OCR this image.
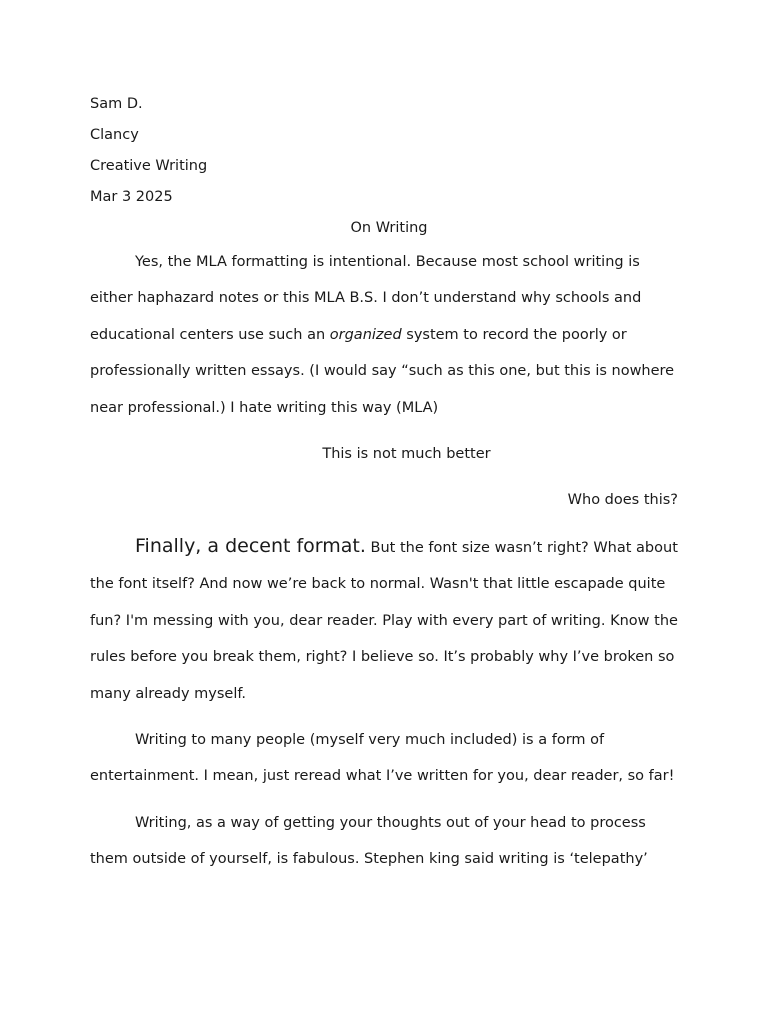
Sam D.
Clancy
Creative Writing
Mar 3 2025
On Writing

Yes, the MLA formatting is intentional. Because most school writing is either haphazard notes or this MLA B.S. I don’t understand why schools and educational centers use such an organized system to record the poorly or professionally written essays. (I would say “such as this one, but this is nowhere near professional.) I hate writing this way (MLA)

This is not much better
Who does this?

Finally, a decent format. But the font size wasn’t right? What about the font itself? And now we’re back to normal. Wasn't that little escapade quite fun? I'm messing with you, dear reader. Play with every part of writing. Know the rules before you break them, right? I believe so. It’s probably why I’ve broken so many already myself.

Writing to many people (myself very much included) is a form of entertainment. I mean, just reread what I’ve written for you, dear reader, so far!

Writing, as a way of getting your thoughts out of your head to process them outside of yourself, is fabulous. Stephen king said writing is ‘telepathy’
